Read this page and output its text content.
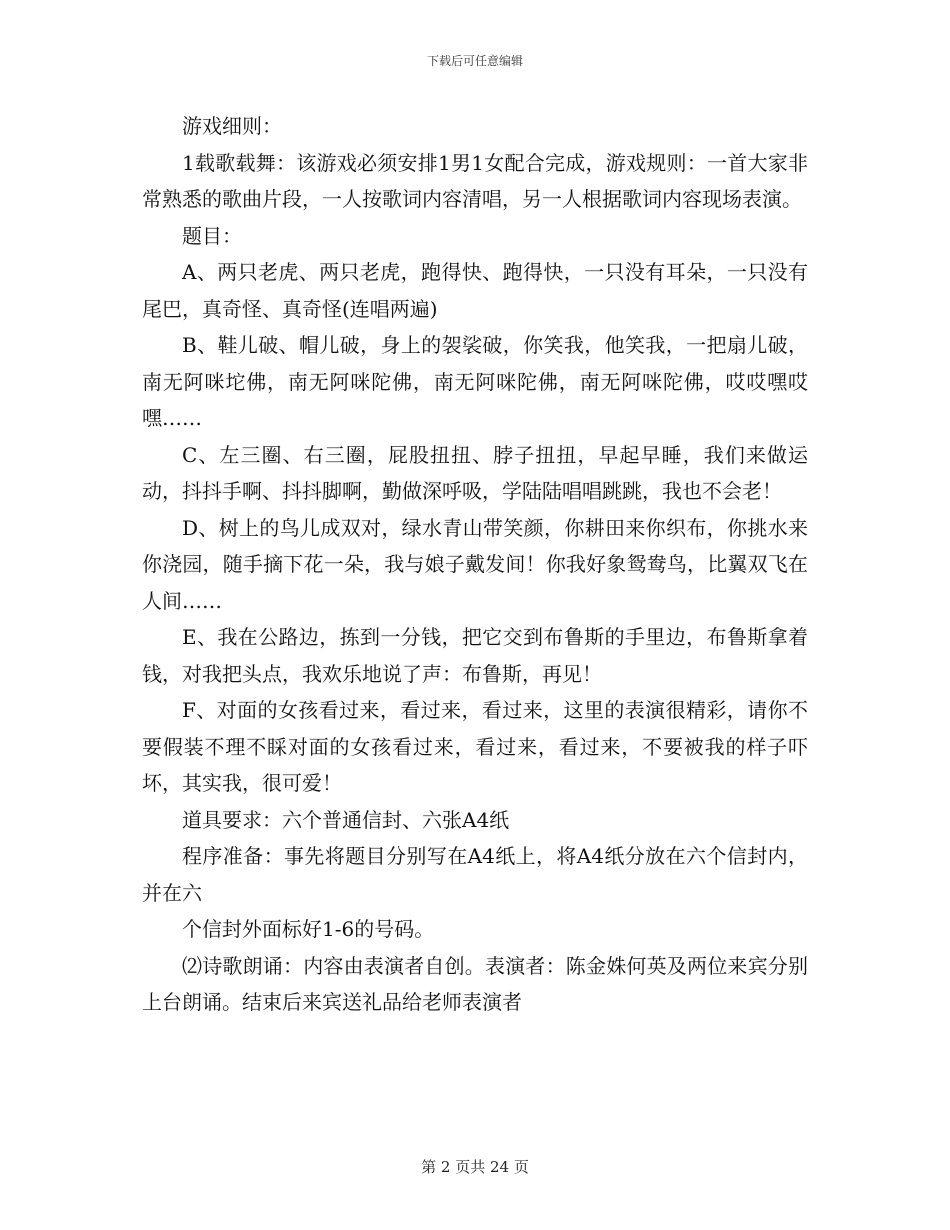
下载后可任意编辑

游戏细则：

1载歌载舞：该游戏必须安排1男1女配合完成，游戏规则：一首大家非常熟悉的歌曲片段，一人按歌词内容清唱，另一人根据歌词内容现场表演。

题目：

A、两只老虎、两只老虎，跑得快、跑得快，一只没有耳朵，一只没有尾巴，真奇怪、真奇怪(连唱两遍)

B、鞋儿破、帽儿破，身上的袈裟破，你笑我，他笑我，一把扇儿破，南无阿咪坨佛，南无阿咪陀佛，南无阿咪陀佛，南无阿咪陀佛，哎哎嘿哎嘿……

C、左三圈、右三圈，屁股扭扭、脖子扭扭，早起早睡，我们来做运动，抖抖手啊、抖抖脚啊，勤做深呼吸，学陆陆唱唱跳跳，我也不会老！

D、树上的鸟儿成双对，绿水青山带笑颜，你耕田来你织布，你挑水来你浇园，随手摘下花一朵，我与娘子戴发间！你我好象鸳鸯鸟，比翼双飞在人间……

E、我在公路边，拣到一分钱，把它交到布鲁斯的手里边，布鲁斯拿着钱，对我把头点，我欢乐地说了声：布鲁斯，再见！

F、对面的女孩看过来，看过来，看过来，这里的表演很精彩，请你不要假装不理不睬对面的女孩看过来，看过来，看过来，不要被我的样子吓坏，其实我，很可爱！

道具要求：六个普通信封、六张A4纸

程序准备：事先将题目分别写在A4纸上，将A4纸分放在六个信封内，并在六

个信封外面标好1-6的号码。

⑵诗歌朗诵：内容由表演者自创。表演者：陈金姝何英及两位来宾分别上台朗诵。结束后来宾送礼品给老师表演者

第 2 页共 24 页
